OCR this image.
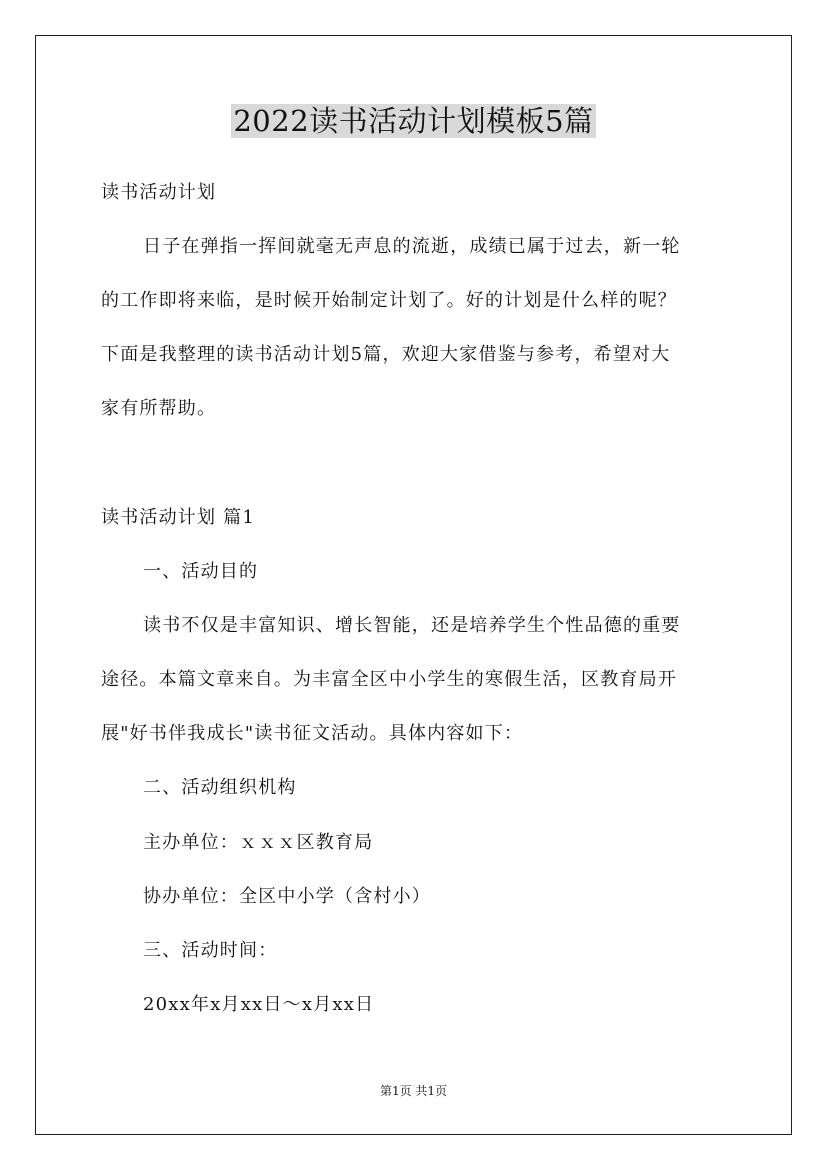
2022读书活动计划模板5篇
读书活动计划
日子在弹指一挥间就毫无声息的流逝，成绩已属于过去，新一轮
的工作即将来临，是时候开始制定计划了。好的计划是什么样的呢？
下面是我整理的读书活动计划5篇，欢迎大家借鉴与参考，希望对大
家有所帮助。
读书活动计划 篇1
一、活动目的
读书不仅是丰富知识、增长智能，还是培养学生个性品德的重要
途径。本篇文章来自。为丰富全区中小学生的寒假生活，区教育局开
展"好书伴我成长"读书征文活动。具体内容如下：
二、活动组织机构
主办单位：ｘｘｘ区教育局
协办单位：全区中小学（含村小）
三、活动时间：
20xx年x月xx日～x月xx日
第1页 共1页
